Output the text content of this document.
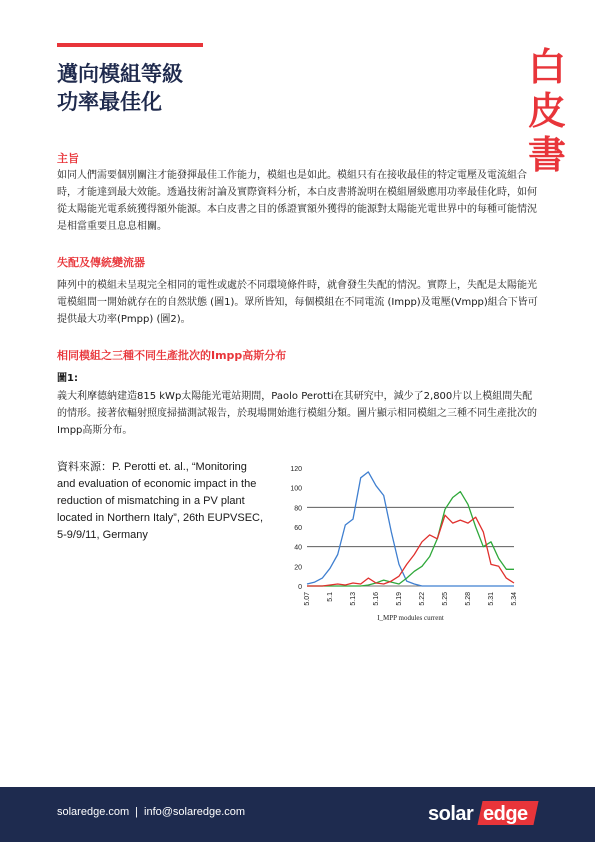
邁向模組等級
功率最佳化
白
皮
書
主旨
如同人們需要個別關注才能發揮最佳工作能力，模組也是如此。模組只有在接收最佳的特定電壓及電流組合時，才能達到最大效能。透過技術討論及實際資料分析，本白皮書將說明在模組層級應用功率最佳化時，如何從太陽能光電系統獲得額外能源。本白皮書之目的係證實額外獲得的能源對太陽能光電世界中的每種可能情況是相當重要且息息相關。
失配及傳統變流器
陣列中的模組未呈現完全相同的電性或處於不同環境條件時，就會發生失配的情況。實際上，失配是太陽能光電模組間一開始就存在的自然狀態 (圖1)。眾所皆知，每個模組在不同電流 (Impp)及電壓(Vmpp)組合下皆可提供最大功率(Pmpp) (圖2)。
相同模組之三種不同生產批次的Impp高斯分布
圖1:
義大利摩德納建造815 kWp太陽能光電站期間，Paolo Perotti在其研究中，減少了2,800片以上模組間失配的情形。接著依輻射照度掃描測試報告，於現場開始進行模組分類。圖片顯示相同模組之三種不同生產批次的Impp高斯分布。
資料來源：P. Perotti et. al., “Monitoring and evaluation of economic impact in the reduction of mismatching in a PV plant located in Northern Italy”, 26th EUPVSEC, 5-9/9/11, Germany
0
20
40
60
80
100
120
5.07 5.1 5.13 5.16 5.19 5.22 5.25 5.28 5.31 5.34
I_MPP modules current
solaredge.com | info@solaredge.com	solar edge
